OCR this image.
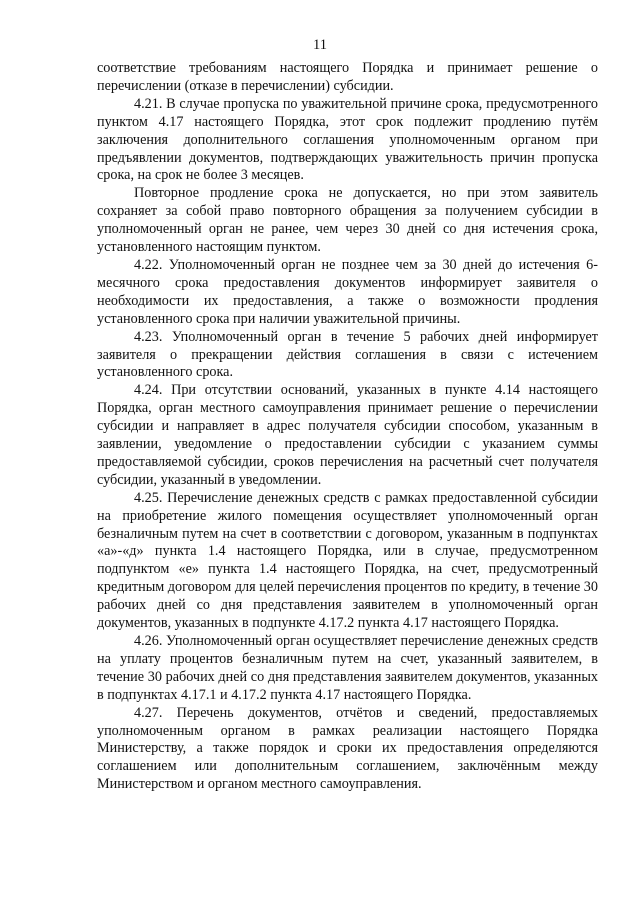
11

соответствие требованиям настоящего Порядка и принимает решение о перечислении (отказе в перечислении) субсидии.

4.21. В случае пропуска по уважительной причине срока, предусмотренного пунктом 4.17 настоящего Порядка, этот срок подлежит продлению путём заключения дополнительного соглашения уполномоченным органом при предъявлении документов, подтверждающих уважительность причин пропуска срока, на срок не более 3 месяцев.

Повторное продление срока не допускается, но при этом заявитель сохраняет за собой право повторного обращения за получением субсидии в уполномоченный орган не ранее, чем через 30 дней со дня истечения срока, установленного настоящим пунктом.

4.22. Уполномоченный орган не позднее чем за 30 дней до истечения 6-месячного срока предоставления документов информирует заявителя о необходимости их предоставления, а также о возможности продления установленного срока при наличии уважительной причины.

4.23. Уполномоченный орган в течение 5 рабочих дней информирует заявителя о прекращении действия соглашения в связи с истечением установленного срока.

4.24. При отсутствии оснований, указанных в пункте 4.14 настоящего Порядка, орган местного самоуправления принимает решение о перечислении субсидии и направляет в адрес получателя субсидии способом, указанным в заявлении, уведомление о предоставлении субсидии с указанием суммы предоставляемой субсидии, сроков перечисления на расчетный счет получателя субсидии, указанный в уведомлении.

4.25. Перечисление денежных средств с рамках предоставленной субсидии на приобретение жилого помещения осуществляет уполномоченный орган безналичным путем на счет в соответствии с договором, указанным в подпунктах «а»-«д» пункта 1.4 настоящего Порядка, или в случае, предусмотренном подпунктом «е» пункта 1.4 настоящего Порядка, на счет, предусмотренный кредитным договором для целей перечисления процентов по кредиту, в течение 30 рабочих дней со дня представления заявителем в уполномоченный орган документов, указанных в подпункте 4.17.2 пункта 4.17 настоящего Порядка.

4.26. Уполномоченный орган осуществляет перечисление денежных средств на уплату процентов безналичным путем на счет, указанный заявителем, в течение 30 рабочих дней со дня представления заявителем документов, указанных в подпунктах 4.17.1 и 4.17.2 пункта 4.17 настоящего Порядка.

4.27. Перечень документов, отчётов и сведений, предоставляемых уполномоченным органом в рамках реализации настоящего Порядка Министерству, а также порядок и сроки их предоставления определяются соглашением или дополнительным соглашением, заключённым между Министерством и органом местного самоуправления.
